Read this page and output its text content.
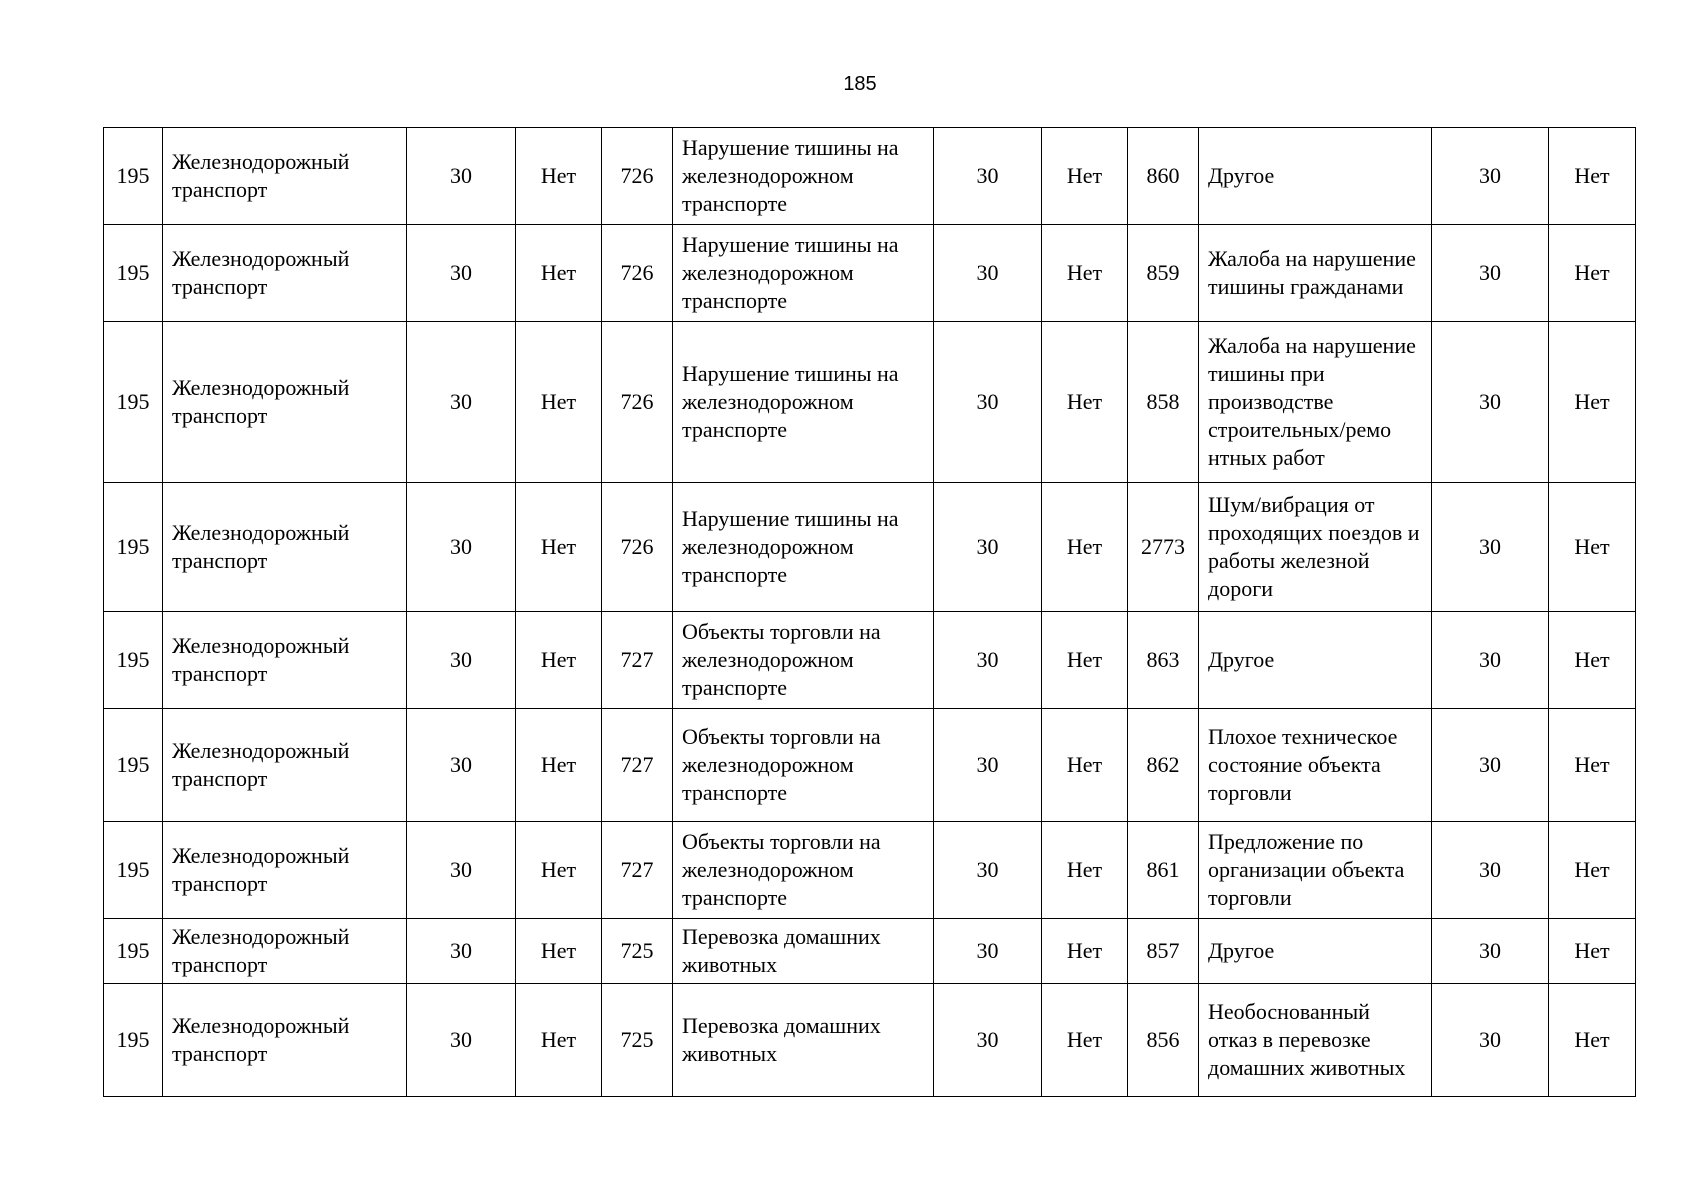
185
195	Железнодорожный транспорт	30	Нет	726	Нарушение тишины на железнодорожном транспорте	30	Нет	860	Другое	30	Нет
195	Железнодорожный транспорт	30	Нет	726	Нарушение тишины на железнодорожном транспорте	30	Нет	859	Жалоба на нарушение тишины гражданами	30	Нет
195	Железнодорожный транспорт	30	Нет	726	Нарушение тишины на железнодорожном транспорте	30	Нет	858	Жалоба на нарушение тишины при производстве строительных/ремо нтных работ	30	Нет
195	Железнодорожный транспорт	30	Нет	726	Нарушение тишины на железнодорожном транспорте	30	Нет	2773	Шум/вибрация от проходящих поездов и работы железной дороги	30	Нет
195	Железнодорожный транспорт	30	Нет	727	Объекты торговли на железнодорожном транспорте	30	Нет	863	Другое	30	Нет
195	Железнодорожный транспорт	30	Нет	727	Объекты торговли на железнодорожном транспорте	30	Нет	862	Плохое техническое состояние объекта торговли	30	Нет
195	Железнодорожный транспорт	30	Нет	727	Объекты торговли на железнодорожном транспорте	30	Нет	861	Предложение по организации объекта торговли	30	Нет
195	Железнодорожный транспорт	30	Нет	725	Перевозка домашних животных	30	Нет	857	Другое	30	Нет
195	Железнодорожный транспорт	30	Нет	725	Перевозка домашних животных	30	Нет	856	Необоснованный отказ в перевозке домашних животных	30	Нет
